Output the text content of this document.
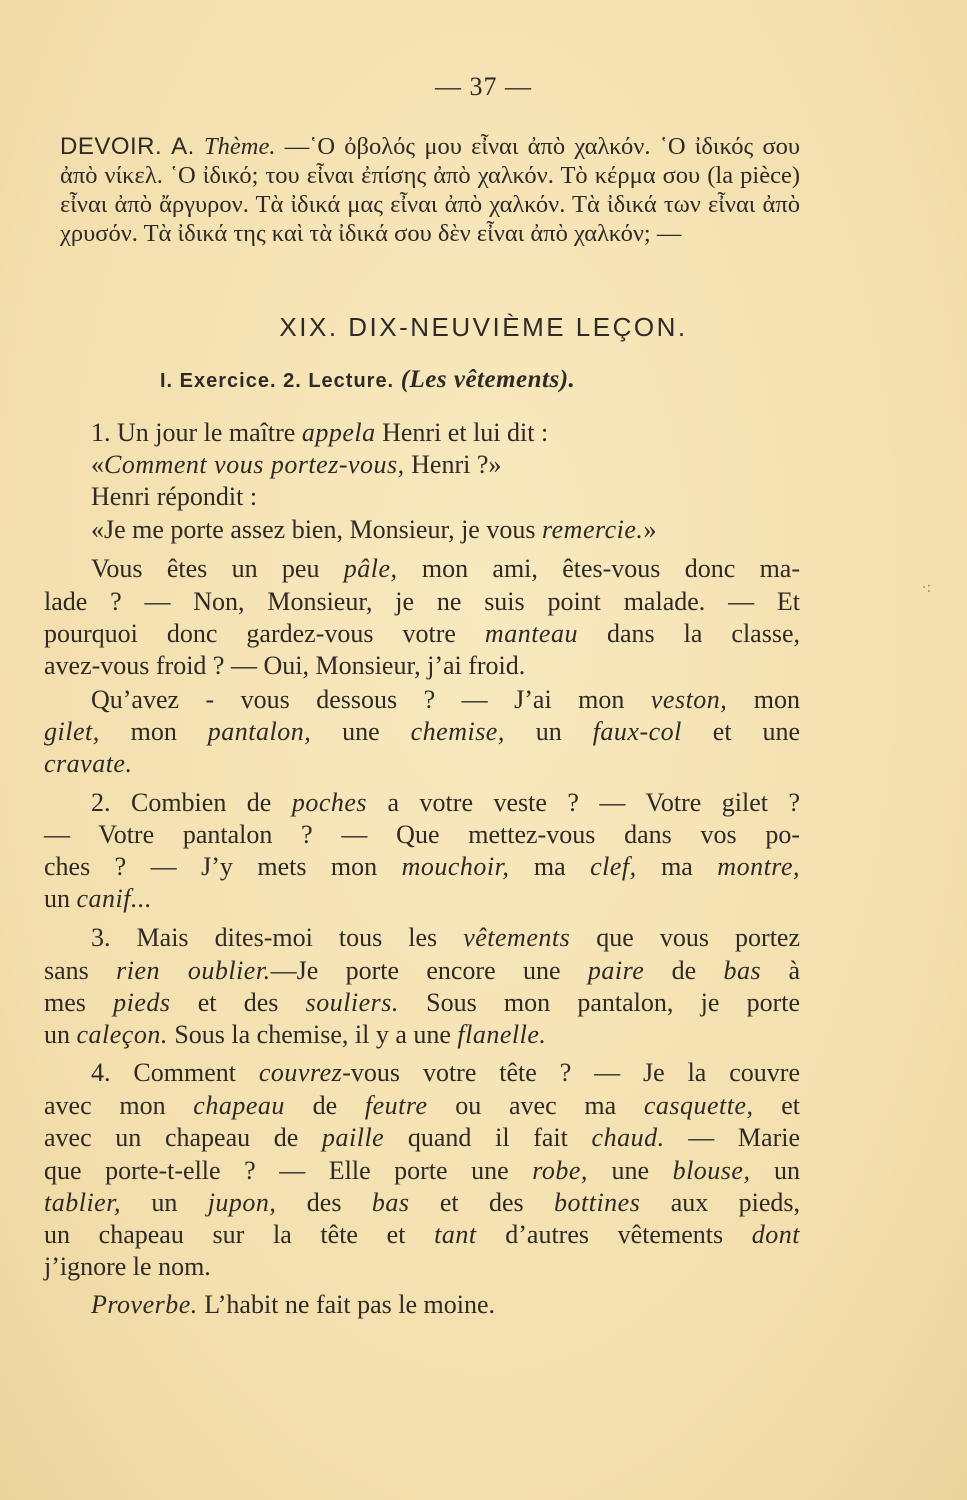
— 37 —
DEVOIR. A. Thème. —῾Ο ὀβολός μου εἶναι ἀπὸ χαλκόν. ῾Ο ἰδικός σου ἀπὸ νίκελ. ῾Ο ἰδικό; του εἶναι ἐπίσης ἀπὸ χαλκόν. Τὸ κέρμα σου (la pièce) εἶναι ἀπὸ ἄργυρον. Τὰ ἰδικά μας εἶναι ἀπὸ χαλκόν. Τὰ ἰδικά των εἶναι ἀπὸ χρυσόν. Τὰ ἰδικά της καὶ τὰ ἰδικά σου δὲν εἶναι ἀπὸ χαλκόν; —
XIX. DIX-NEUVIÈME LEÇON.
I. Exercice. 2. Lecture. (Les vêtements).
1. Un jour le maître appela Henri et lui dit :
«Comment vous portez-vous, Henri ?»
Henri répondit :
«Je me porte assez bien, Monsieur, je vous remercie.»
Vous êtes un peu pâle, mon ami, êtes-vous donc ma-
lade ? — Non, Monsieur, je ne suis point malade. — Et
pourquoi donc gardez-vous votre manteau dans la classe,
avez-vous froid ? — Oui, Monsieur, j’ai froid.
Qu’avez - vous dessous ? — J’ai mon veston, mon
gilet, mon pantalon, une chemise, un faux-col et une
cravate.
2. Combien de poches a votre veste ? — Votre gilet ?
— Votre pantalon ? — Que mettez-vous dans vos po-
ches ? — J’y mets mon mouchoir, ma clef, ma montre,
un canif...
3. Mais dites-moi tous les vêtements que vous portez
sans rien oublier.—Je porte encore une paire de bas à
mes pieds et des souliers. Sous mon pantalon, je porte
un caleçon. Sous la chemise, il y a une flanelle.
4. Comment couvrez-vous votre tête ? — Je la couvre
avec mon chapeau de feutre ou avec ma casquette, et
avec un chapeau de paille quand il fait chaud. — Marie
que porte-t-elle ? — Elle porte une robe, une blouse, un
tablier, un jupon, des bas et des bottines aux pieds,
un chapeau sur la tête et tant d’autres vêtements dont
j’ignore le nom.
Proverbe. L’habit ne fait pas le moine.
·:
